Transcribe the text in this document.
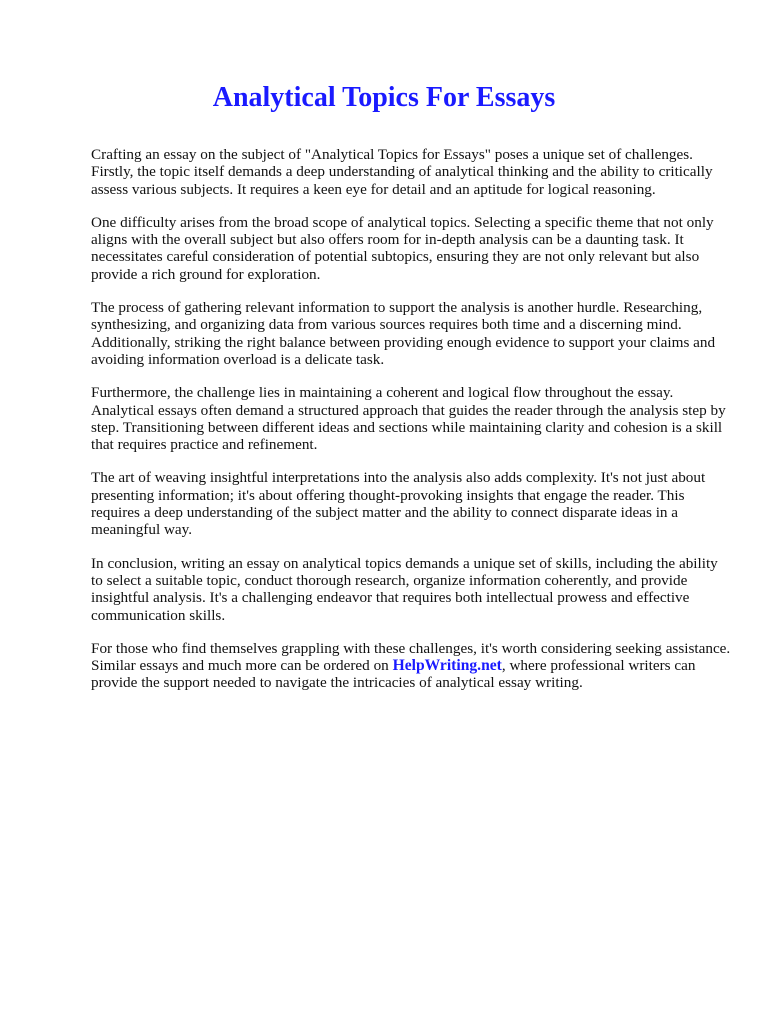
Analytical Topics For Essays

Crafting an essay on the subject of "Analytical Topics for Essays" poses a unique set of challenges. Firstly, the topic itself demands a deep understanding of analytical thinking and the ability to critically assess various subjects. It requires a keen eye for detail and an aptitude for logical reasoning.

One difficulty arises from the broad scope of analytical topics. Selecting a specific theme that not only aligns with the overall subject but also offers room for in-depth analysis can be a daunting task. It necessitates careful consideration of potential subtopics, ensuring they are not only relevant but also provide a rich ground for exploration.

The process of gathering relevant information to support the analysis is another hurdle. Researching, synthesizing, and organizing data from various sources requires both time and a discerning mind. Additionally, striking the right balance between providing enough evidence to support your claims and avoiding information overload is a delicate task.

Furthermore, the challenge lies in maintaining a coherent and logical flow throughout the essay. Analytical essays often demand a structured approach that guides the reader through the analysis step by step. Transitioning between different ideas and sections while maintaining clarity and cohesion is a skill that requires practice and refinement.

The art of weaving insightful interpretations into the analysis also adds complexity. It's not just about presenting information; it's about offering thought-provoking insights that engage the reader. This requires a deep understanding of the subject matter and the ability to connect disparate ideas in a meaningful way.

In conclusion, writing an essay on analytical topics demands a unique set of skills, including the ability to select a suitable topic, conduct thorough research, organize information coherently, and provide insightful analysis. It's a challenging endeavor that requires both intellectual prowess and effective communication skills.

For those who find themselves grappling with these challenges, it's worth considering seeking assistance. Similar essays and much more can be ordered on HelpWriting.net, where professional writers can provide the support needed to navigate the intricacies of analytical essay writing.
